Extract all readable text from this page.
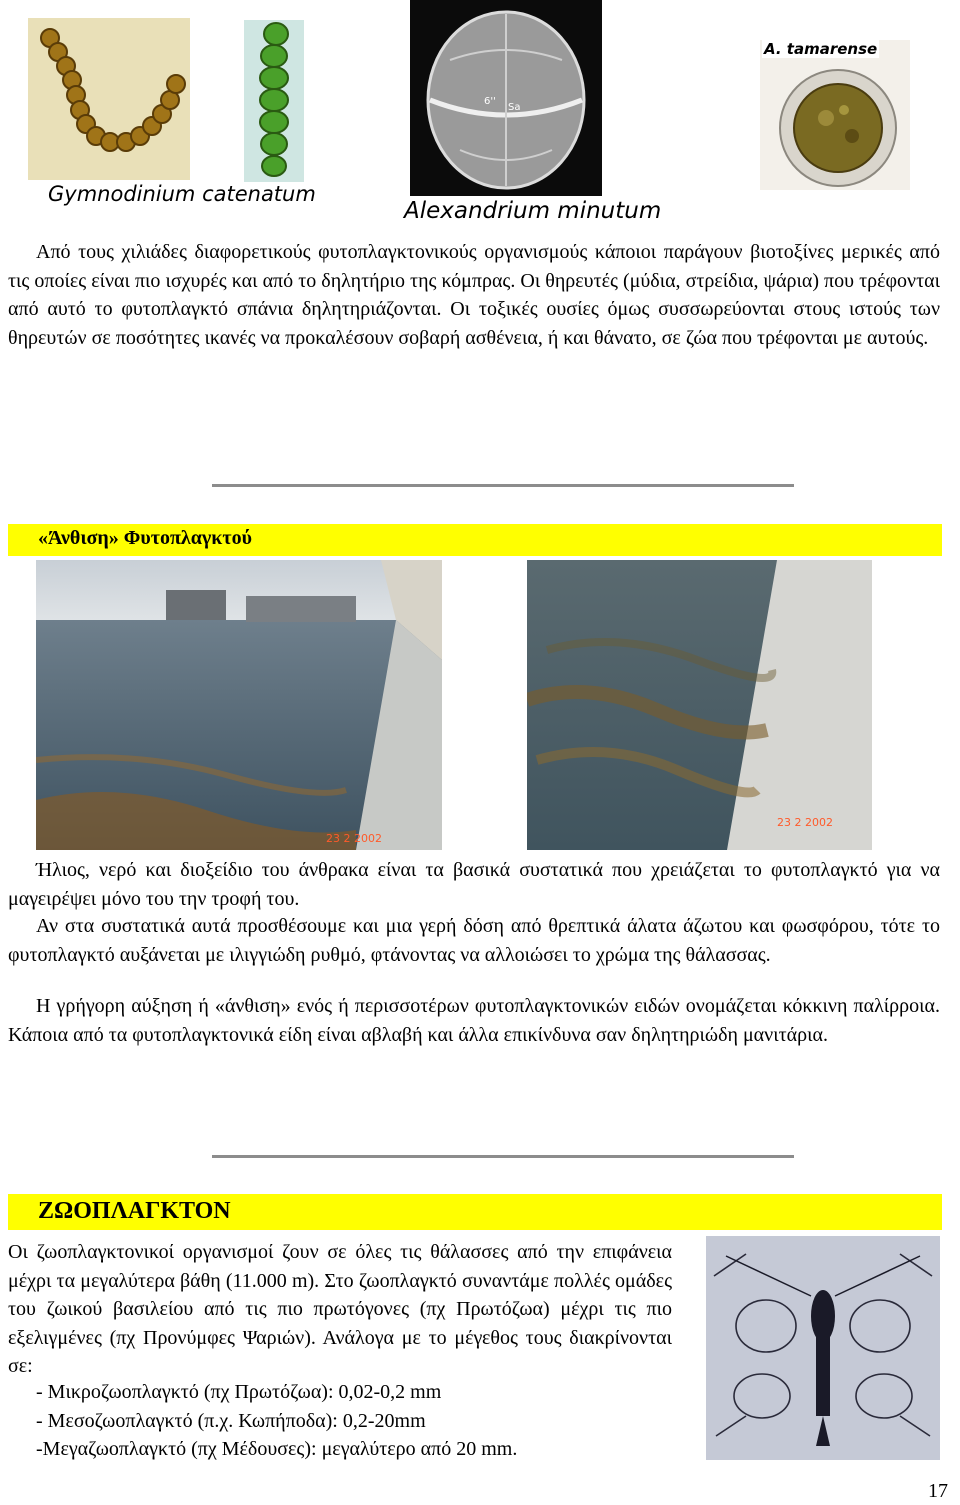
Gymnodinium catenatum
6''
Sa
Alexandrium minutum
A. tamarense

Από τους χιλιάδες διαφορετικούς φυτοπλαγκτονικούς οργανισμούς κάποιοι παράγουν βιοτοξίνες μερικές από τις οποίες είναι πιο ισχυρές και από το δηλητήριο της κόμπρας. Οι θηρευτές (μύδια, στρείδια, ψάρια) που τρέφονται από αυτό το φυτοπλαγκτό σπάνια δηλητηριάζονται. Οι τοξικές ουσίες όμως συσσωρεύονται στους ιστούς των θηρευτών σε ποσότητες ικανές να προκαλέσουν σοβαρή ασθένεια, ή και θάνατο, σε ζώα που τρέφονται με αυτούς.

«Άνθιση» Φυτοπλαγκτού
23 2 2002
23 2 2002

Ήλιος, νερό και διοξείδιο του άνθρακα είναι τα βασικά συστατικά που χρειάζεται το φυτοπλαγκτό για να μαγειρέψει μόνο του την τροφή του.

Αν στα συστατικά αυτά προσθέσουμε και μια γερή δόση από θρεπτικά άλατα άζωτου και φωσφόρου, τότε το φυτοπλαγκτό αυξάνεται με ιλιγγιώδη ρυθμό, φτάνοντας να αλλοιώσει το χρώμα της θάλασσας.

Η γρήγορη αύξηση ή «άνθιση» ενός ή περισσοτέρων φυτοπλαγκτονικών ειδών ονομάζεται κόκκινη παλίρροια. Κάποια από τα φυτοπλαγκτονικά είδη είναι αβλαβή και άλλα επικίνδυνα σαν δηλητηριώδη μανιτάρια.

ΖΩΟΠΛΑΓΚΤΟΝ

Οι ζωοπλαγκτονικοί οργανισμοί ζουν σε όλες τις θάλασσες από την επιφάνεια μέχρι τα μεγαλύτερα βάθη (11.000 m). Στο ζωοπλαγκτό συναντάμε πολλές ομάδες του ζωικού βασιλείου από τις πιο πρωτόγονες (πχ Πρωτόζωα) μέχρι τις πιο εξελιγμένες (πχ Προνύμφες Ψαριών). Ανάλογα με το μέγεθος τους διακρίνονται σε:

- Μικροζωοπλαγκτό (πχ Πρωτόζωα): 0,02-0,2 mm
- Μεσοζωοπλαγκτό (π.χ. Κωπήποδα): 0,2-20mm
-Μεγαζωοπλαγκτό (πχ Μέδουσες): μεγαλύτερο από 20 mm.
17
